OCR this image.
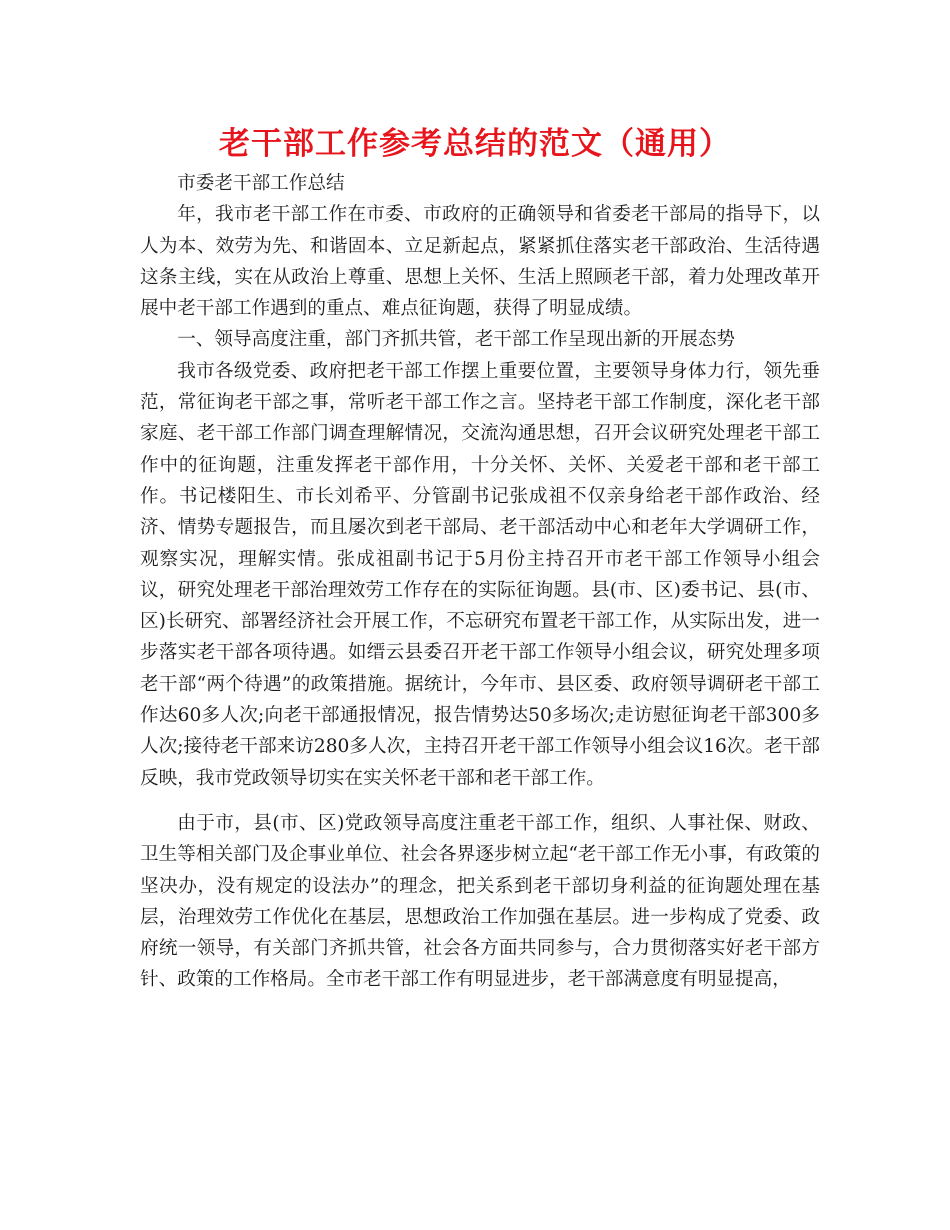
老干部工作参考总结的范文（通用）

市委老干部工作总结

年，我市老干部工作在市委、市政府的正确领导和省委老干部局的指导下，以人为本、效劳为先、和谐固本、立足新起点，紧紧抓住落实老干部政治、生活待遇这条主线，实在从政治上尊重、思想上关怀、生活上照顾老干部，着力处理改革开展中老干部工作遇到的重点、难点征询题，获得了明显成绩。

一、领导高度注重，部门齐抓共管，老干部工作呈现出新的开展态势

我市各级党委、政府把老干部工作摆上重要位置，主要领导身体力行，领先垂范，常征询老干部之事，常听老干部工作之言。坚持老干部工作制度，深化老干部家庭、老干部工作部门调查理解情况，交流沟通思想，召开会议研究处理老干部工作中的征询题，注重发挥老干部作用，十分关怀、关怀、关爱老干部和老干部工作。书记楼阳生、市长刘希平、分管副书记张成祖不仅亲身给老干部作政治、经济、情势专题报告，而且屡次到老干部局、老干部活动中心和老年大学调研工作，观察实况，理解实情。张成祖副书记于5月份主持召开市老干部工作领导小组会议，研究处理老干部治理效劳工作存在的实际征询题。县(市、区)委书记、县(市、区)长研究、部署经济社会开展工作，不忘研究布置老干部工作，从实际出发，进一步落实老干部各项待遇。如缙云县委召开老干部工作领导小组会议，研究处理多项老干部“两个待遇”的政策措施。据统计，今年市、县区委、政府领导调研老干部工作达60多人次;向老干部通报情况，报告情势达50多场次;走访慰征询老干部300多人次;接待老干部来访280多人次，主持召开老干部工作领导小组会议16次。老干部反映，我市党政领导切实在实关怀老干部和老干部工作。

由于市，县(市、区)党政领导高度注重老干部工作，组织、人事社保、财政、卫生等相关部门及企事业单位、社会各界逐步树立起“老干部工作无小事，有政策的坚决办，没有规定的设法办”的理念，把关系到老干部切身利益的征询题处理在基层，治理效劳工作优化在基层，思想政治工作加强在基层。进一步构成了党委、政府统一领导，有关部门齐抓共管，社会各方面共同参与，合力贯彻落实好老干部方针、政策的工作格局。全市老干部工作有明显进步，老干部满意度有明显提高，
